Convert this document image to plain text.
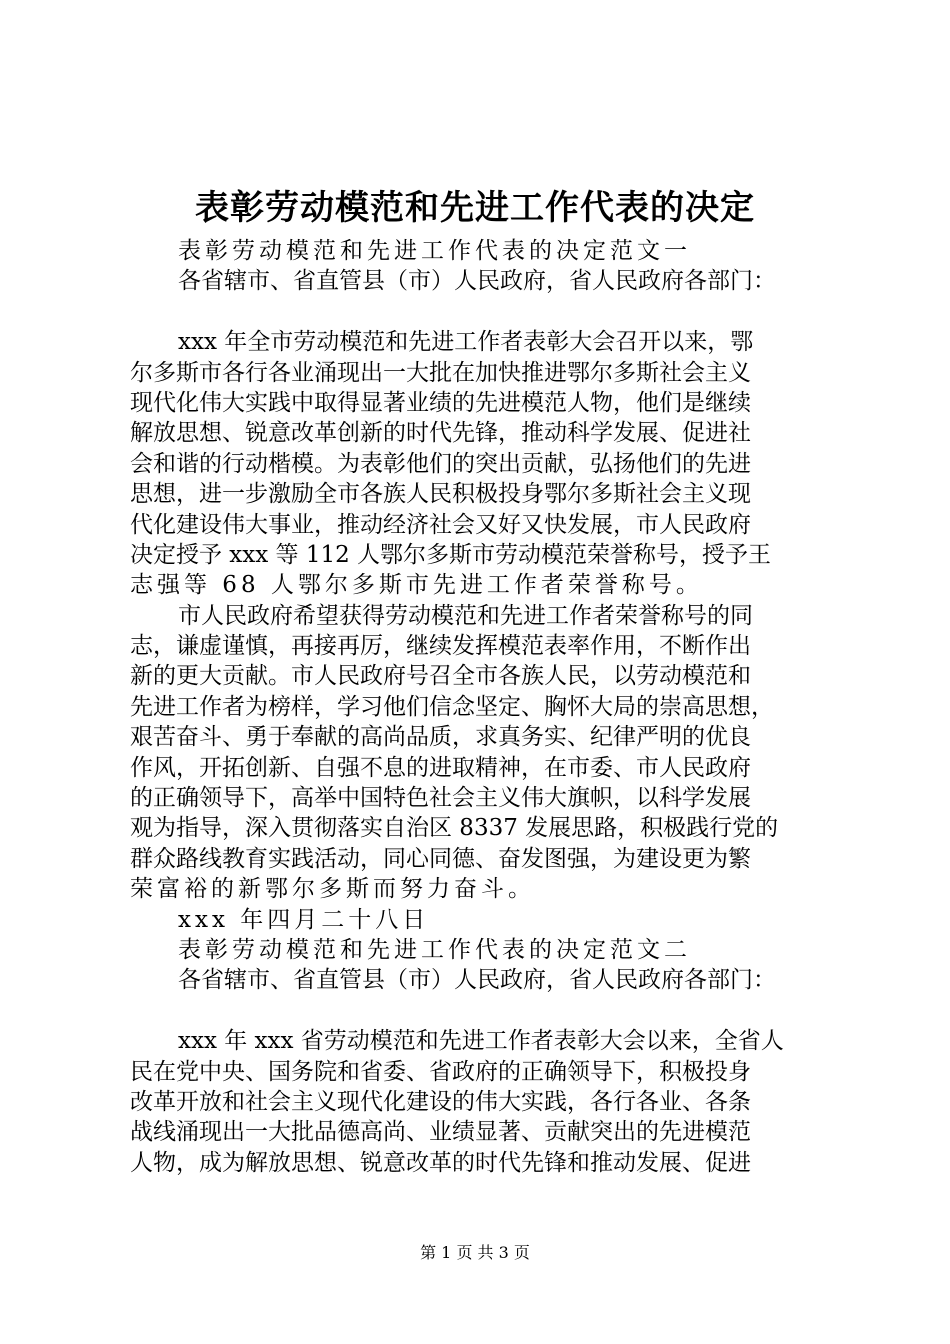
表彰劳动模范和先进工作代表的决定
表彰劳动模范和先进工作代表的决定范文一
各省辖市、省直管县（市）人民政府，省人民政府各部门：
xxx 年全市劳动模范和先进工作者表彰大会召开以来，鄂
尔多斯市各行各业涌现出一大批在加快推进鄂尔多斯社会主义
现代化伟大实践中取得显著业绩的先进模范人物，他们是继续
解放思想、锐意改革创新的时代先锋，推动科学发展、促进社
会和谐的行动楷模。为表彰他们的突出贡献，弘扬他们的先进
思想，进一步激励全市各族人民积极投身鄂尔多斯社会主义现
代化建设伟大事业，推动经济社会又好又快发展，市人民政府
决定授予 xxx 等 112 人鄂尔多斯市劳动模范荣誉称号，授予王
志强等 68 人鄂尔多斯市先进工作者荣誉称号。
市人民政府希望获得劳动模范和先进工作者荣誉称号的同
志，谦虚谨慎，再接再厉，继续发挥模范表率作用，不断作出
新的更大贡献。市人民政府号召全市各族人民，以劳动模范和
先进工作者为榜样，学习他们信念坚定、胸怀大局的崇高思想，
艰苦奋斗、勇于奉献的高尚品质，求真务实、纪律严明的优良
作风，开拓创新、自强不息的进取精神，在市委、市人民政府
的正确领导下，高举中国特色社会主义伟大旗帜，以科学发展
观为指导，深入贯彻落实自治区 8337 发展思路，积极践行党的
群众路线教育实践活动，同心同德、奋发图强，为建设更为繁
荣富裕的新鄂尔多斯而努力奋斗。
xxx 年四月二十八日
表彰劳动模范和先进工作代表的决定范文二
各省辖市、省直管县（市）人民政府，省人民政府各部门：
xxx 年 xxx 省劳动模范和先进工作者表彰大会以来，全省人
民在党中央、国务院和省委、省政府的正确领导下，积极投身
改革开放和社会主义现代化建设的伟大实践，各行各业、各条
战线涌现出一大批品德高尚、业绩显著、贡献突出的先进模范
人物，成为解放思想、锐意改革的时代先锋和推动发展、促进
第 1 页 共 3 页
